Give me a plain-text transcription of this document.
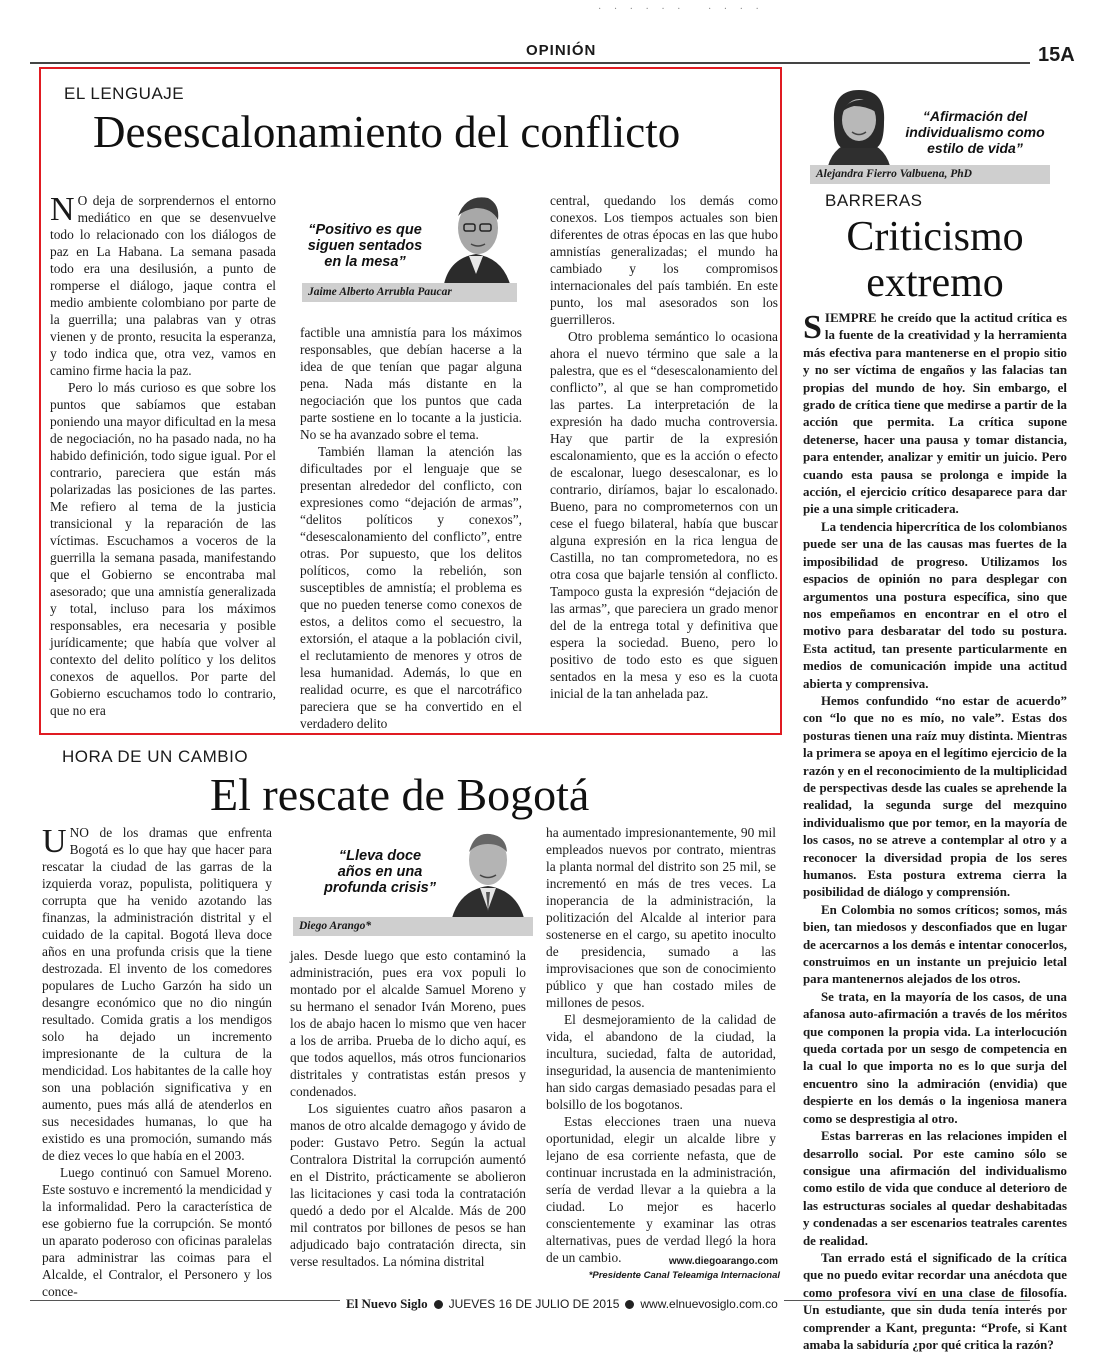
· · · · · ·   · · · ·
OPINIÓN	15A
EL LENGUAJE
Desescalonamiento del conflicto

N O deja de sorprendernos el entorno mediático en que se desenvuelve todo lo relacionado con los diálogos de paz en La Habana. La semana pasada todo era una desilusión, a punto de romperse el diálogo, jaque contra el medio ambiente colombiano por parte de la guerrilla; una palabras van y otras vienen y de pronto, resucita la esperanza, y todo indica que, otra vez, vamos en camino firme hacia la paz.

Pero lo más curioso es que sobre los puntos que sabíamos que estaban poniendo una mayor dificultad en la mesa de negociación, no ha pasado nada, no ha habido definición, todo sigue igual. Por el contrario, pareciera que están más polarizadas las posiciones de las partes. Me refiero al tema de la justicia transicional y la reparación de las víctimas. Escuchamos a voceros de la guerrilla la semana pasada, manifestando que el Gobierno se encontraba mal asesorado; que una amnistía generalizada y total, incluso para los máximos responsables, era necesaria y posible jurídicamente; que había que volver al contexto del delito político y los delitos conexos de aquellos. Por parte del Gobierno escuchamos todo lo contrario, que no era

“Positivo es que siguen sentados en la mesa”
Jaime Alberto Arrubla Paucar

factible una amnistía para los máximos responsables, que debían hacerse a la idea de que tenían que pagar alguna pena. Nada más distante en la negociación que los puntos que cada parte sostiene en lo tocante a la justicia. No se ha avanzado sobre el tema.

También llaman la atención las dificultades por el lenguaje que se presentan alrededor del conflicto, con expresiones como “dejación de armas”, “delitos políticos y conexos”, “desescalonamiento del conflicto”, entre otras. Por supuesto, que los delitos políticos, como la rebelión, son susceptibles de amnistía; el problema es que no pueden tenerse como conexos de estos, a delitos como el secuestro, la extorsión, el ataque a la población civil, el reclutamiento de menores y otros de lesa humanidad. Además, lo que en realidad ocurre, es que el narcotráfico pareciera que se ha convertido en el verdadero delito

central, quedando los demás como conexos. Los tiempos actuales son bien diferentes de otras épocas en las que hubo amnistías generalizadas; el mundo ha cambiado y los compromisos internacionales del país también. En este punto, los mal asesorados son los guerrilleros.

Otro problema semántico lo ocasiona ahora el nuevo término que sale a la palestra, que es el “desescalonamiento del conflicto”, al que se han comprometido las partes. La interpretación de la expresión ha dado mucha controversia. Hay que partir de la expresión escalonamiento, que es la acción o efecto de escalonar, luego desescalonar, es lo contrario, diríamos, bajar lo escalonado. Bueno, para no comprometernos con un cese el fuego bilateral, había que buscar alguna expresión en la rica lengua de Castilla, no tan comprometedora, no es otra cosa que bajarle tensión al conflicto. Tampoco gusta la expresión “dejación de las armas”, que pareciera un grado menor del de la entrega total y definitiva que espera la sociedad. Bueno, pero lo positivo de todo esto es que siguen sentados en la mesa y eso es la cuota inicial de la tan anhelada paz.

HORA DE UN CAMBIO
El rescate de Bogotá

UNO de los dramas que enfrenta Bogotá es lo que hay que hacer para rescatar la ciudad de las garras de la izquierda voraz, populista, politiquera y corrupta que ha venido azotando las finanzas, la administración distrital y el cuidado de la capital. Bogotá lleva doce años en una profunda crisis que la tiene destrozada. El invento de los comedores populares de Lucho Garzón ha sido un desangre económico que no dio ningún resultado. Comida gratis a los mendigos solo ha dejado un incremento impresionante de la cultura de la mendicidad. Los habitantes de la calle hoy son una población significativa y en aumento, pues más allá de atenderlos en sus necesidades humanas, lo que ha existido es una promoción, sumando más de diez veces lo que había en el 2003.

Luego continuó con Samuel Moreno. Este sostuvo e incrementó la mendicidad y la informalidad. Pero la característica de ese gobierno fue la corrupción. Se montó un aparato poderoso con oficinas paralelas para administrar las coimas para el Alcalde, el Contralor, el Personero y los conce-

“Lleva doce años en una profunda crisis”
Diego Arango*

jales. Desde luego que esto contaminó la administración, pues era vox populi lo montado por el alcalde Samuel Moreno y su hermano el senador Iván Moreno, pues los de abajo hacen lo mismo que ven hacer a los de arriba. Prueba de lo dicho aquí, es que todos aquellos, más otros funcionarios distritales y contratistas están presos y condenados.

Los siguientes cuatro años pasaron a manos de otro alcalde demagogo y ávido de poder: Gustavo Petro. Según la actual Contralora Distrital la corrupción aumentó en el Distrito, prácticamente se abolieron las licitaciones y casi toda la contratación quedó a dedo por el Alcalde. Más de 200 mil contratos por billones de pesos se han adjudicado bajo contratación directa, sin verse resultados. La nómina distrital

ha aumentado impresionantemente, 90 mil empleados nuevos por contrato, mientras la planta normal del distrito son 25 mil, se incrementó en más de tres veces. La inoperancia de la administración, la politización del Alcalde al interior para sostenerse en el cargo, su apetito inoculto de presidencia, sumado a las improvisaciones que son de conocimiento público y que han costado miles de millones de pesos.

El desmejoramiento de la calidad de vida, el abandono de la ciudad, la incultura, suciedad, falta de autoridad, inseguridad, la ausencia de mantenimiento han sido cargas demasiado pesadas para el bolsillo de los bogotanos.

Estas elecciones traen una nueva oportunidad, elegir un alcalde libre y lejano de esa corriente nefasta, que de continuar incrustada en la administración, sería de verdad llevar a la quiebra a la ciudad. Lo mejor es hacerlo conscientemente y examinar las otras alternativas, pues de verdad llegó la hora de un cambio.	www.diegoarango.com
*Presidente Canal Teleamiga Internacional
“Afirmación del individualismo como estilo de vida”
Alejandra Fierro Valbuena, PhD
BARRERAS
Criticismo
extremo

SIEMPRE he creído que la actitud crítica es la fuente de la creatividad y la herramienta más efectiva para mantenerse en el propio sitio y no ser víctima de engaños y las falacias tan propias del mundo de hoy. Sin embargo, el grado de crítica tiene que medirse a partir de la acción que permita. La crítica supone detenerse, hacer una pausa y tomar distancia, para entender, analizar y emitir un juicio. Pero cuando esta pausa se prolonga e impide la acción, el ejercicio crítico desaparece para dar pie a una simple criticadera.

La tendencia hipercrítica de los colombianos puede ser una de las causas mas fuertes de la imposibilidad de progreso. Utilizamos los espacios de opinión no para desplegar con argumentos una postura específica, sino que nos empeñamos en encontrar en el otro el motivo para desbaratar del todo su postura. Esta actitud, tan presente particularmente en medios de comunicación impide una actitud abierta y comprensiva.

Hemos confundido “no estar de acuerdo” con “lo que no es mío, no vale”. Estas dos posturas tienen una raíz muy distinta. Mientras la primera se apoya en el legítimo ejercicio de la razón y en el reconocimiento de la multiplicidad de perspectivas desde las cuales se aprehende la realidad, la segunda surge del mezquino individualismo que por temor, en la mayoría de los casos, no se atreve a contemplar al otro y a reconocer la diversidad propia de los seres humanos. Esta postura extrema cierra la posibilidad de diálogo y comprensión.

En Colombia no somos críticos; somos, más bien, tan miedosos y desconfiados que en lugar de acercarnos a los demás e intentar conocerlos, construimos en un instante un prejuicio letal para mantenernos alejados de los otros.

Se trata, en la mayoría de los casos, de una afanosa auto-afirmación a través de los méritos que componen la propia vida. La interlocución queda cortada por un sesgo de competencia en la cual lo que importa no es lo que surja del encuentro sino la admiración (envidia) que despierte en los demás o la ingeniosa manera como se desprestigia al otro.

Estas barreras en las relaciones impiden el desarrollo social. Por este camino sólo se consigue una afirmación del individualismo como estilo de vida que conduce al deterioro de las estructuras sociales al quedar deshabitadas y condenadas a ser escenarios teatrales carentes de realidad.

Tan errado está el significado de la crítica que no puedo evitar recordar una anécdota que como profesora viví en una clase de filosofía. Un estudiante, que sin duda tenía interés por comprender a Kant, pregunta: “Profe, si Kant amaba la sabiduría ¿por qué critica la razón?

El Nuevo Siglo JUEVES 16 DE JULIO DE 2015 www.elnuevosiglo.com.co
